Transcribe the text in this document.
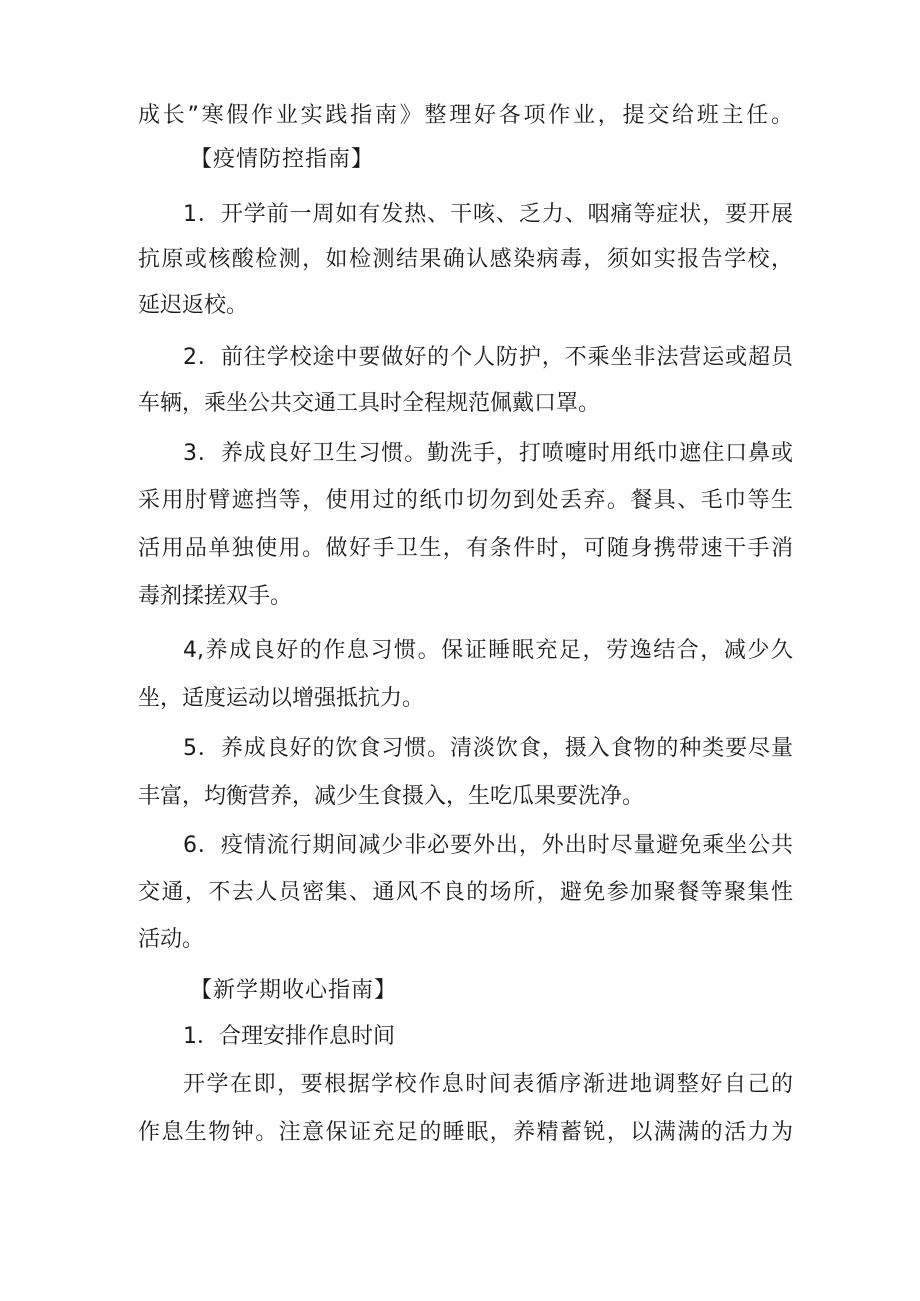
成长”寒假作业实践指南》整理好各项作业，提交给班主任。
【疫情防控指南】
1．开学前一周如有发热、干咳、乏力、咽痛等症状，要开展
抗原或核酸检测，如检测结果确认感染病毒，须如实报告学校，
延迟返校。
2．前往学校途中要做好的个人防护，不乘坐非法营运或超员
车辆，乘坐公共交通工具时全程规范佩戴口罩。
3．养成良好卫生习惯。勤洗手，打喷嚏时用纸巾遮住口鼻或
采用肘臂遮挡等，使用过的纸巾切勿到处丢弃。餐具、毛巾等生
活用品单独使用。做好手卫生，有条件时，可随身携带速干手消
毒剂揉搓双手。
4,养成良好的作息习惯。保证睡眠充足，劳逸结合，减少久
坐，适度运动以增强抵抗力。
5．养成良好的饮食习惯。清淡饮食，摄入食物的种类要尽量
丰富，均衡营养，减少生食摄入，生吃瓜果要洗净。
6．疫情流行期间减少非必要外出，外出时尽量避免乘坐公共
交通，不去人员密集、通风不良的场所，避免参加聚餐等聚集性
活动。
【新学期收心指南】
1．合理安排作息时间
开学在即，要根据学校作息时间表循序渐进地调整好自己的
作息生物钟。注意保证充足的睡眠，养精蓄锐，以满满的活力为
